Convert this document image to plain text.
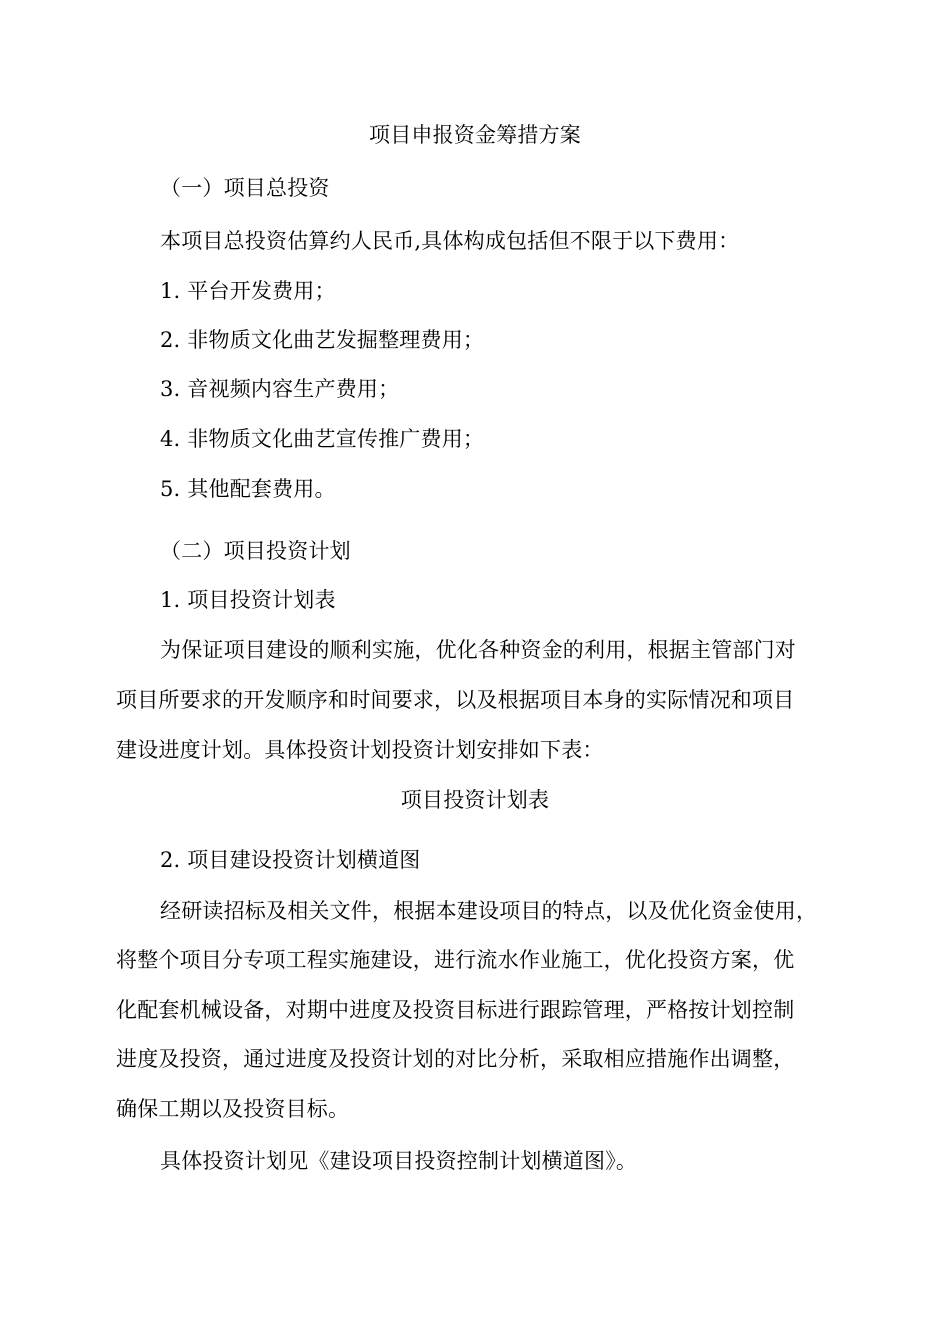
项目申报资金筹措方案
（一）项目总投资
本项目总投资估算约人民币,具体构成包括但不限于以下费用：
1. 平台开发费用；
2. 非物质文化曲艺发掘整理费用；
3. 音视频内容生产费用；
4. 非物质文化曲艺宣传推广费用；
5. 其他配套费用。
（二）项目投资计划
1. 项目投资计划表
为保证项目建设的顺利实施，优化各种资金的利用，根据主管部门对
项目所要求的开发顺序和时间要求，以及根据项目本身的实际情况和项目
建设进度计划。具体投资计划投资计划安排如下表：
项目投资计划表
2. 项目建设投资计划横道图
经研读招标及相关文件，根据本建设项目的特点，以及优化资金使用，
将整个项目分专项工程实施建设，进行流水作业施工，优化投资方案，优
化配套机械设备，对期中进度及投资目标进行跟踪管理，严格按计划控制
进度及投资，通过进度及投资计划的对比分析，采取相应措施作出调整，
确保工期以及投资目标。
具体投资计划见《建设项目投资控制计划横道图》。
